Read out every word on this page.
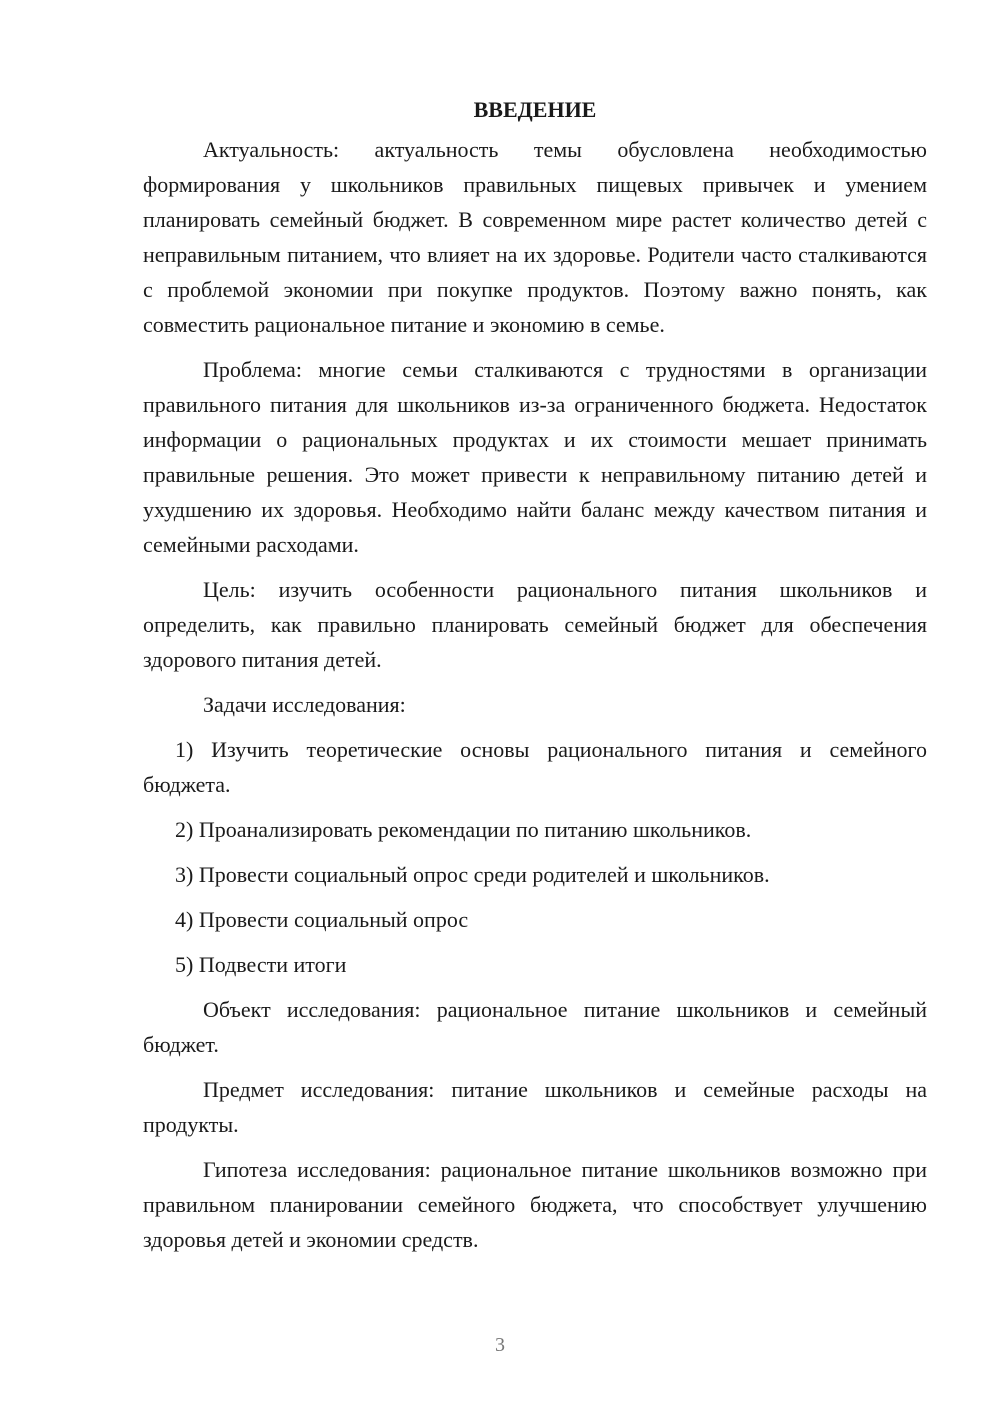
ВВЕДЕНИЕ

Актуальность: актуальность темы обусловлена необходимостью формирования у школьников правильных пищевых привычек и умением планировать семейный бюджет. В современном мире растет количество детей с неправильным питанием, что влияет на их здоровье. Родители часто сталкиваются с проблемой экономии при покупке продуктов. Поэтому важно понять, как совместить рациональное питание и экономию в семье.

Проблема: многие семьи сталкиваются с трудностями в организации правильного питания для школьников из-за ограниченного бюджета. Недостаток информации о рациональных продуктах и их стоимости мешает принимать правильные решения. Это может привести к неправильному питанию детей и ухудшению их здоровья. Необходимо найти баланс между качеством питания и семейными расходами.

Цель: изучить особенности рационального питания школьников и определить, как правильно планировать семейный бюджет для обеспечения здорового питания детей.

Задачи исследования:

1) Изучить теоретические основы рационального питания и семейного бюджета.

2) Проанализировать рекомендации по питанию школьников.

3) Провести социальный опрос среди родителей и школьников.

4) Провести социальный опрос

5) Подвести итоги

Объект исследования: рациональное питание школьников и семейный бюджет.

Предмет исследования: питание школьников и семейные расходы на продукты.

Гипотеза исследования: рациональное питание школьников возможно при правильном планировании семейного бюджета, что способствует улучшению здоровья детей и экономии средств.

3
